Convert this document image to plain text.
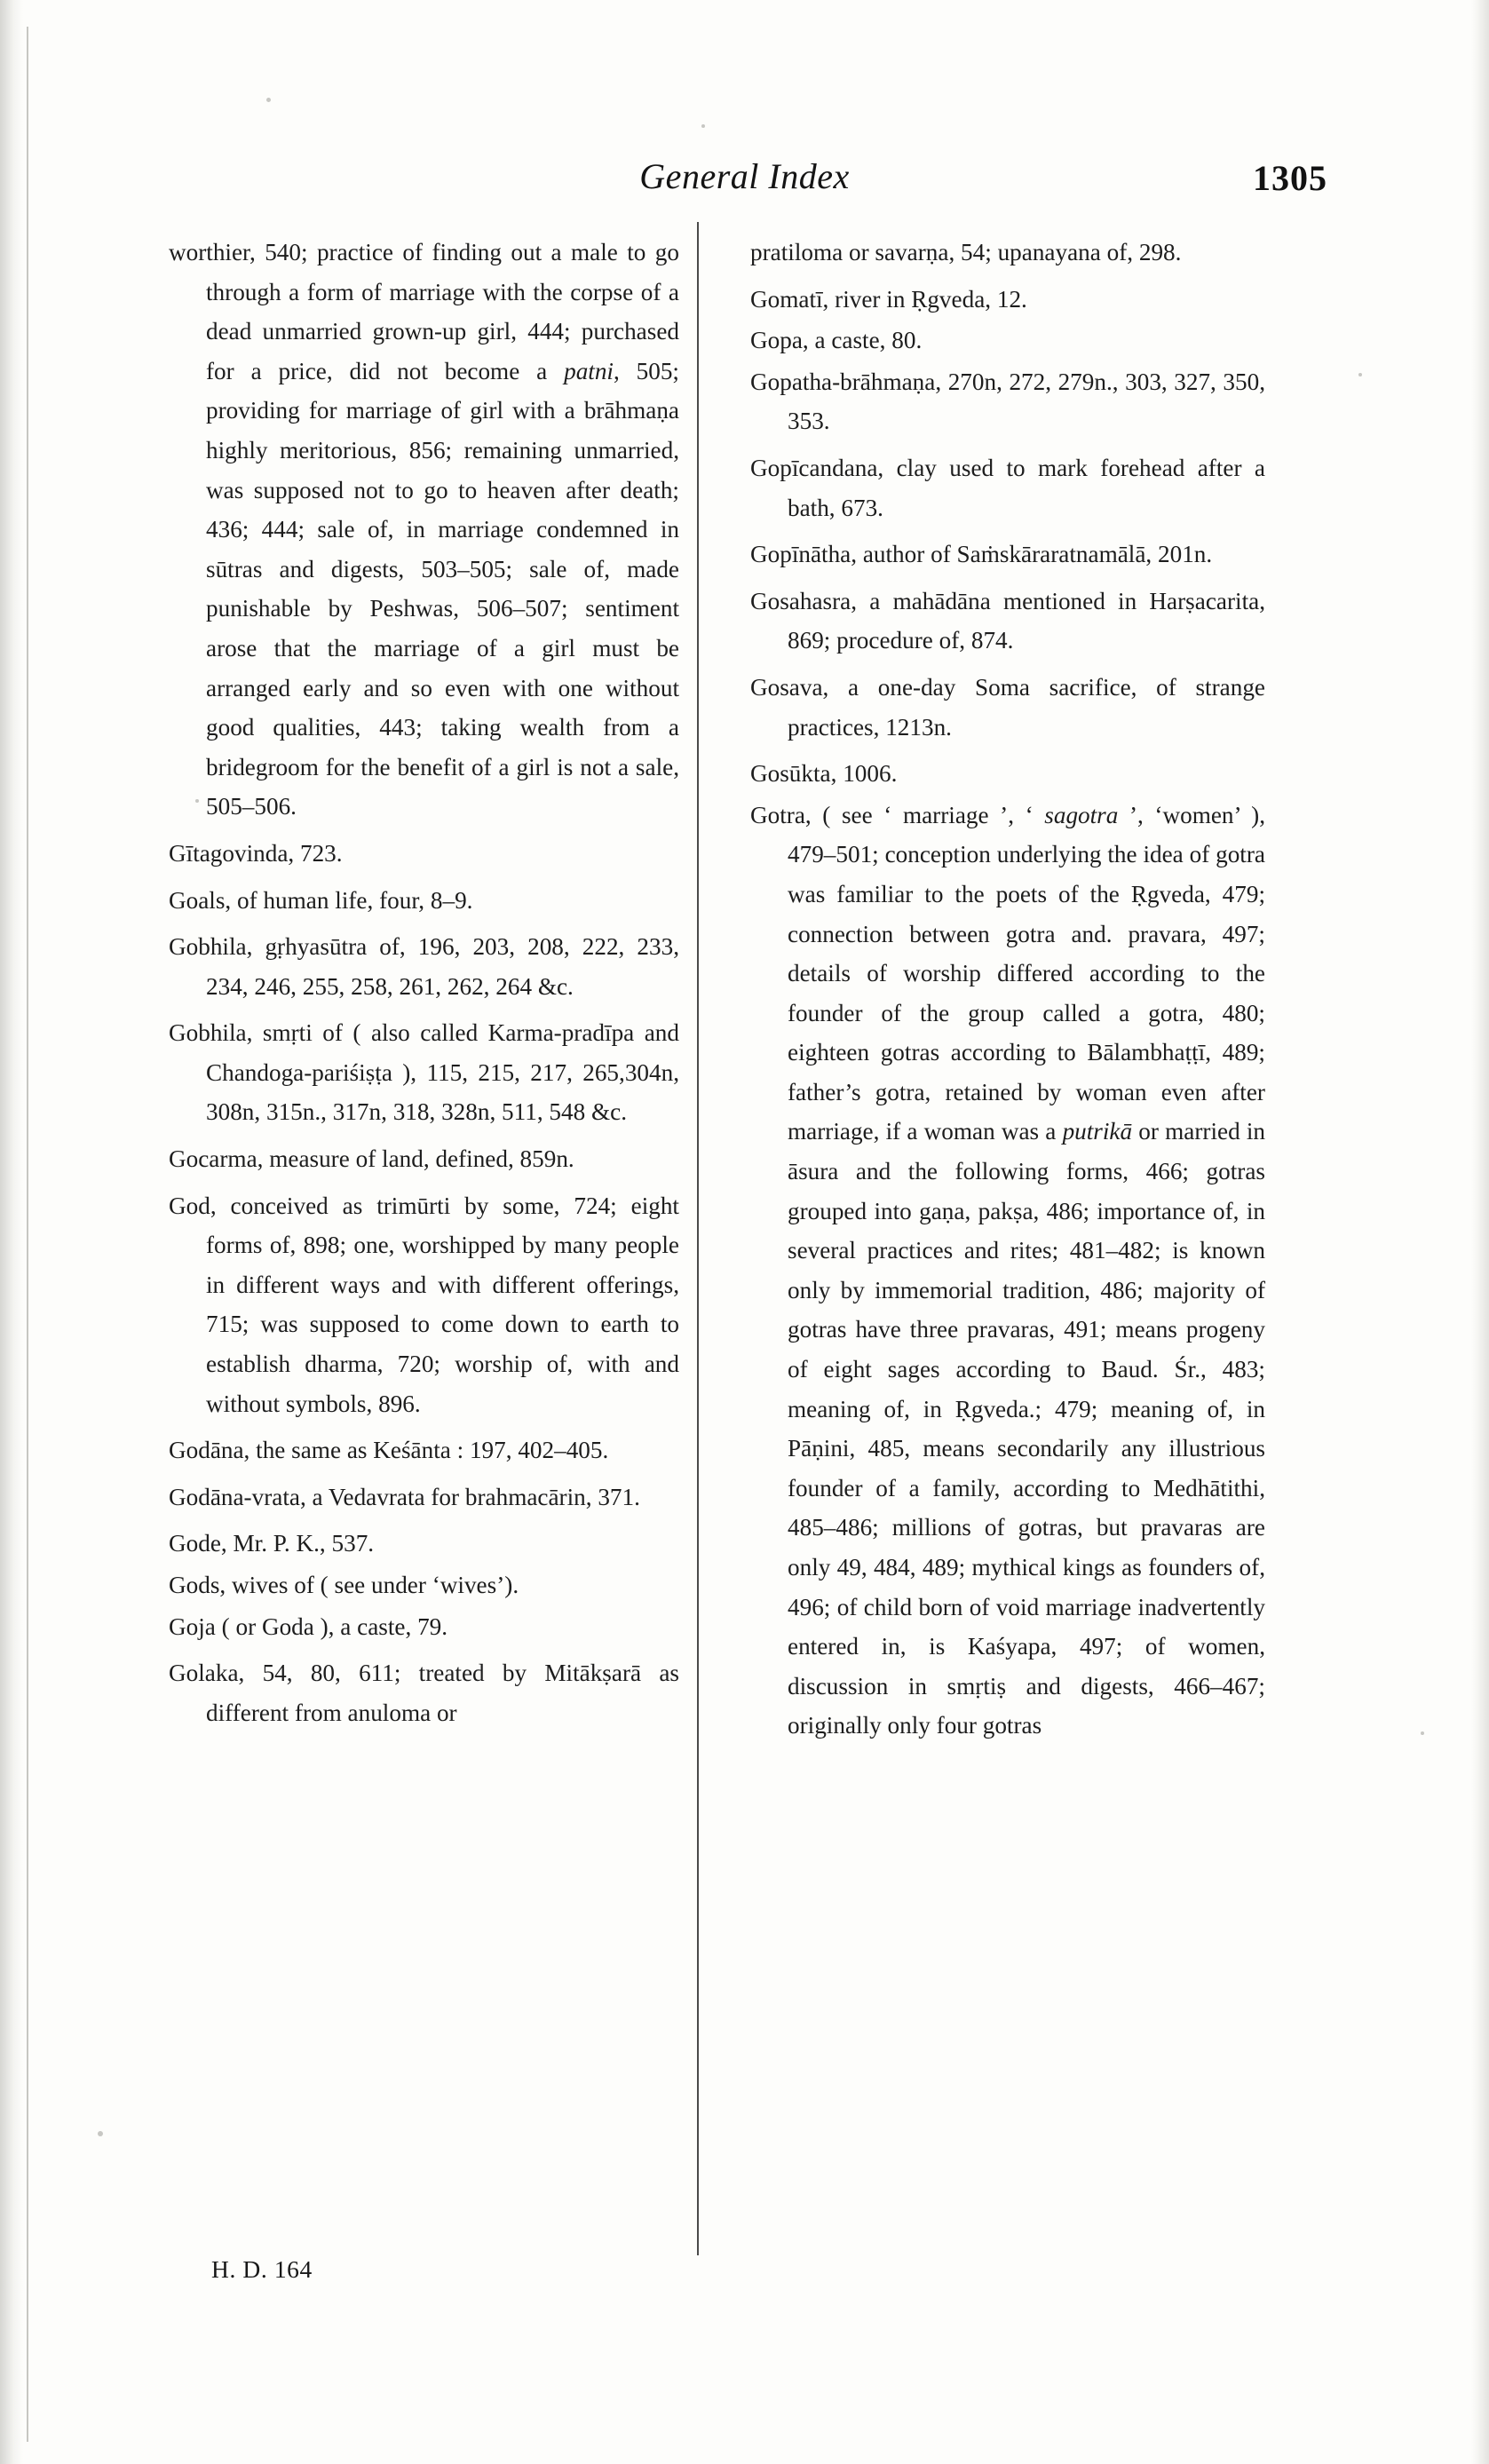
General Index	1305

worthier, 540; practice of finding out a male to go through a form of marriage with the corpse of a dead unmarried grown-up girl, 444; purchased for a price, did not become a patni, 505; providing for marriage of girl with a brāhmaṇa highly meritorious, 856; remaining unmarried, was supposed not to go to heaven after death; 436; 444; sale of, in marriage condemned in sūtras and digests, 503–505; sale of, made punishable by Peshwas, 506–507; sentiment arose that the marriage of a girl must be arranged early and so even with one without good qualities, 443; taking wealth from a bridegroom for the benefit of a girl is not a sale, 505–506.

Gītagovinda, 723.

Goals, of human life, four, 8–9.

Gobhila, gṛhyasūtra of, 196, 203, 208, 222, 233, 234, 246, 255, 258, 261, 262, 264 &c.

Gobhila, smṛti of ( also called Karma-pradīpa and Chandoga-pariśiṣṭa ), 115, 215, 217, 265,304n, 308n, 315n., 317n, 318, 328n, 511, 548 &c.

Gocarma, measure of land, defined, 859n.

God, conceived as trimūrti by some, 724; eight forms of, 898; one, worshipped by many people in different ways and with different offerings, 715; was supposed to come down to earth to establish dharma, 720; worship of, with and without symbols, 896.

Godāna, the same as Keśānta : 197, 402–405.

Godāna-vrata, a Vedavrata for brahmacārin, 371.

Gode, Mr. P. K., 537.

Gods, wives of ( see under ‘wives’).

Goja ( or Goda ), a caste, 79.

Golaka, 54, 80, 611; treated by Mitākṣarā as different from anuloma or

pratiloma or savarṇa, 54; upanayana of, 298.

Gomatī, river in Ṛgveda, 12.

Gopa, a caste, 80.

Gopatha-brāhmaṇa, 270n, 272, 279n., 303, 327, 350, 353.

Gopīcandana, clay used to mark forehead after a bath, 673.

Gopīnātha, author of Saṁskāraratnamālā, 201n.

Gosahasra, a mahādāna mentioned in Harṣacarita, 869; procedure of, 874.

Gosava, a one-day Soma sacrifice, of strange practices, 1213n.

Gosūkta, 1006.

Gotra, ( see ‘ marriage ’, ‘ sagotra ’, ‘women’ ), 479–501; conception underlying the idea of gotra was familiar to the poets of the Ṛgveda, 479; connection between gotra and. pravara, 497; details of worship differed according to the founder of the group called a gotra, 480; eighteen gotras according to Bālambhaṭṭī, 489; father’s gotra, retained by woman even after marriage, if a woman was a putrikā or married in āsura and the following forms, 466; gotras grouped into gaṇa, pakṣa, 486; importance of, in several practices and rites; 481–482; is known only by immemorial tradition, 486; majority of gotras have three pravaras, 491; means progeny of eight sages according to Baud. Śr., 483; meaning of, in Ṛgveda.; 479; meaning of, in Pāṇini, 485, means secondarily any illustrious founder of a family, according to Medhātithi, 485–486; millions of gotras, but pravaras are only 49, 484, 489; mythical kings as founders of, 496; of child born of void marriage inadvertently entered in, is Kaśyapa, 497; of women, discussion in smṛtiṣ and digests, 466–467; originally only four gotras

H. D. 164
